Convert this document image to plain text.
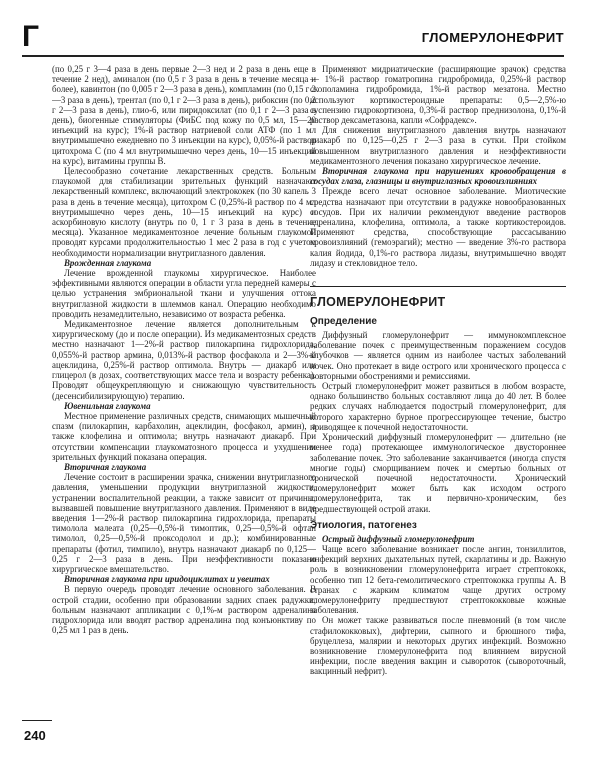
Г	ГЛОМЕРУЛОНЕФРИТ

(по 0,25 г 3—4 раза в день первые 2—3 нед и 2 раза в день еще в течение 2 нед), аминалон (по 0,5 г 3 раза в день в течение месяца и более), кавинтон (по 0,005 г 2—3 раза в день), компламин (по 0,15 г 2—3 раза в день), трентал (по 0,1 г 2—3 раза в день), рибоксин (по 0,2 г 2—3 раза в день), глио-6, или пиридоксилат (по 0,1 г 2—3 раза в день), биогенные стимуляторы (ФиБС под кожу по 0,5 мл, 15—20 инъекций на курс); 1%-й раствор натриевой соли АТФ (по 1 мл внутримышечно ежедневно по 3 инъекции на курс), 0,05%-й раствор цитохрома С (по 4 мл внутримышечно через день, 10—15 инъекций на курс), витамины группы В.

Целесообразно сочетание лекарственных средств. Больным глаукомой для стабилизации зрительных функций назначают лекарственный комплекс, включающий электрококек (по 30 капель 3 раза в день в течение месяца), цитохром С (0,25%-й раствор по 4 мл внутримышечно через день, 10—15 инъекций на курс) и аскорбиновую кислоту (внутрь по 0, 1 г 3 раза в день в течение месяца). Указанное медикаментозное лечение больным глаукомой проводят курсами продолжительностью 1 мес 2 раза в год с учетом необходимости нормализации внутриглазного давления.

Врожденная глаукома

Лечение врожденной глаукомы хирургическое. Наиболее эффективными являются операции в области угла передней камеры с целью устранения эмбриональной ткани и улучшения оттока внутриглазной жидкости в шлеммов канал. Операцию необходимо проводить незамедлительно, независимо от возраста ребенка.

Медикаментозное лечение является дополнительным к хирургическому (до и после операции). Из медикаментозных средств местно назначают 1—2%-й раствор пилокарпина гидрохлорида, 0,055%-й раствор армина, 0,013%-й раствор фосфакола и 2—3%-й ацеклидина, 0,25%-й раствор оптимола. Внутрь — диакарб или глицерол (в дозах, соответствующих массе тела и возрасту ребенка). Проводят общеукрепляющую и снижающую чувствительность (десенсибилизирующую) терапию.

Ювенильная глаукома

Местное применение различных средств, снимающих мышечный спазм (пилокарпин, карбахолин, ацеклидин, фосфакол, армин), а также клофелина и оптимола; внутрь назначают диакарб. При отсутствии компенсации глаукоматозного процесса и ухудшении зрительных функций показана операция.

Вторичная глаукома

Лечение состоит в расширении зрачка, снижении внутриглазного давления, уменьшении продукции внутриглазной жидкости, устранении воспалительной реакции, а также зависит от причины, вызвавшей повышение внутриглазного давления. Применяют в виде введения 1—2%-й раствор пилокарпина гидрохлорида, препараты тимолола малеата (0,25—0,5%-й тимоптик, 0,25—0,5%-й офтан тимолол, 0,25—0,5%-й проксодолол и др.); комбинированные препараты (фотил, тимпило), внутрь назначают диакарб по 0,125—0,25 г 2—3 раза в день. При неэффективности показано хирургическое вмешательство.

Вторичная глаукома при иридоциклитах и увеитах

В первую очередь проводят лечение основного заболевания. В острой стадии, особенно при образовании задних спаек радужки, больным назначают аппликации с 0,1%-м раствором адреналина гидрохлорида или вводят раствор адреналина под конъюнктиву по 0,25 мл 1 раз в день.

Применяют мидриатические (расширяющие зрачок) средства — 1%-й раствор гоматропина гидробромида, 0,25%-й раствор скополамина гидробромида, 1%-й раствор мезатона. Местно используют кортикостероидные препараты: 0,5—2,5%-ю суспензию гидрокортизона, 0,3%-й раствор преднизолона, 0,1%-й раствор дексаметазона, капли «Софрадекс».

Для снижения внутриглазного давления внутрь назначают диакарб по 0,125—0,25 г 2—3 раза в сутки. При стойком повышенном внутриглазного давления и неэффективности медикаментозного лечения показано хирургическое лечение.

Вторичная глаукома при нарушениях кровообращения в сосудах глаза, глазницы и внутриглазных кровоизлияниях

Прежде всего лечат основное заболевание. Миотические средства назначают при отсутствии в радужке новообразованных сосудов. При их наличии рекомендуют введение растворов адреналина, клофелина, оптимола, а также кортикостероидов. Применяют средства, способствующие рассасыванию кровоизлияний (гемоэрагий); местно — введение 3%-го раствора калия йодида, 0,1%-го раствора лидазы, внутримышечно вводят лидазу и стекловидное тело.

ГЛОМЕРУЛОНЕФРИТ
Определение

Диффузный гломерулонефрит — иммунокомплексное заболевание почек с преимущественным поражением сосудов клубочков — является одним из наиболее частых заболеваний почек. Оно протекает в виде острого или хронического процесса с повторными обострениями и ремиссиями.

Острый гломерулонефрит может развиться в любом возрасте, однако большинство больных составляют лица до 40 лет. В более редких случаях наблюдается подострый гломерулонефрит, для которого характерно бурное прогрессирующее течение, быстро приводящее к почечной недостаточности.

Хронический диффузный гломерулонефрит — длительно (не менее года) протекающее иммунологическое двустороннее заболевание почек. Это заболевание заканчивается (иногда спустя многие годы) сморщиванием почек и смертью больных от хронической почечной недостаточности. Хронический гломерулонефрит может быть как исходом острого гломерулонефрита, так и первично-хроническим, без предшествующей острой атаки.

Этиология, патогенез

Острый диффузный гломерулонефрит

Чаще всего заболевание возникает после ангин, тонзиллитов, инфекций верхних дыхательных путей, скарлатины и др. Важную роль в возникновении гломерулонефрита играет стрептококк, особенно тип 12 бета-гемолитического стрептококка группы А. В странах с жарким климатом чаще других острому гломерулонефриту предшествуют стрептококковые кожные заболевания.

Он может также развиваться после пневмоний (в том числе стафилококковых), дифтерии, сыпного и брюшного тифа, бруцеллеза, малярии и некоторых других инфекций. Возможно возникновение гломерулонефрита под влиянием вирусной инфекции, после введения вакцин и сывороток (сывороточный, вакцинный нефрит).

240
